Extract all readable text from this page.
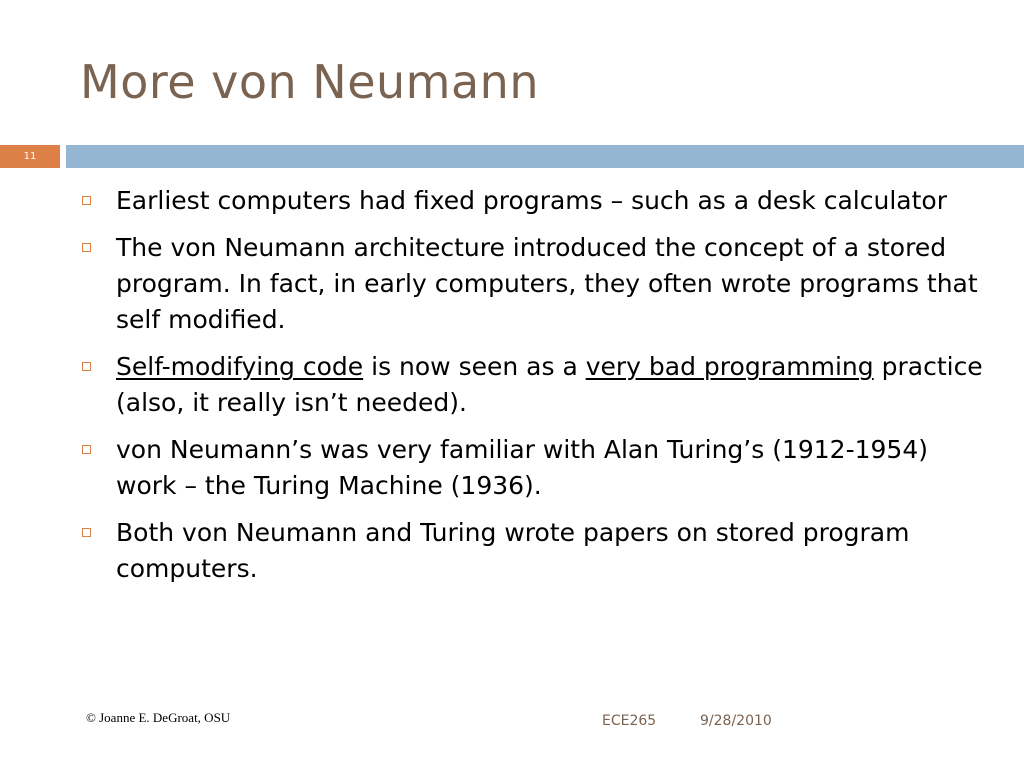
More von Neumann
11
Earliest computers had fixed programs – such as a desk calculator
The von Neumann architecture introduced the concept of a stored program. In fact, in early computers, they often wrote programs that self modified.
Self-modifying code is now seen as a very bad programming practice (also, it really isn’t needed).
von Neumann’s was very familiar with Alan Turing’s (1912-1954) work – the Turing Machine (1936).
Both von Neumann and Turing wrote papers on stored program computers.
© Joanne E. DeGroat, OSU	ECE265	9/28/2010
